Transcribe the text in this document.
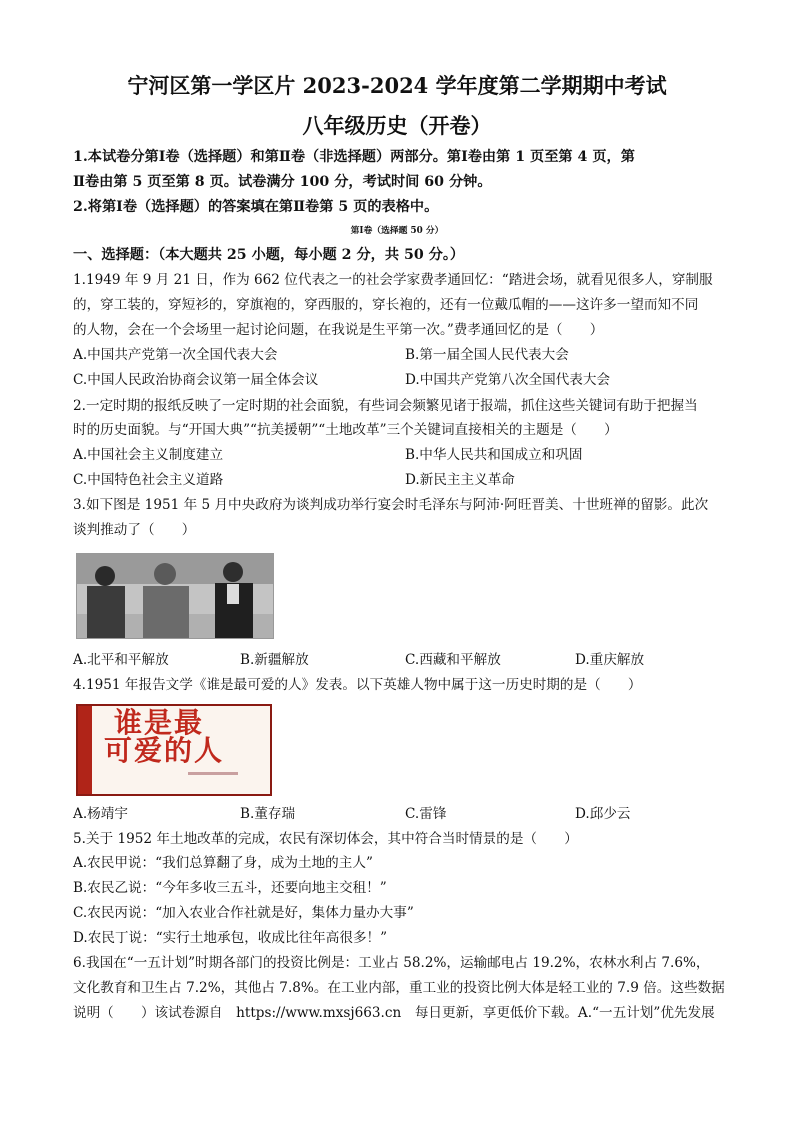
宁河区第一学区片 2023-2024 学年度第二学期期中考试
八年级历史（开卷）
1.本试卷分第Ⅰ卷（选择题）和第Ⅱ卷（非选择题）两部分。第Ⅰ卷由第 1 页至第 4 页，第
Ⅱ卷由第 5 页至第 8 页。试卷满分 100 分，考试时间 60 分钟。
2.将第Ⅰ卷（选择题）的答案填在第Ⅱ卷第 5 页的表格中。
第Ⅰ卷（选择题 50 分）
一、选择题：（本大题共 25 小题，每小题 2 分，共 50 分。）
1.1949 年 9 月 21 日，作为 662 位代表之一的社会学家费孝通回忆：“踏进会场，就看见很多人，穿制服
的，穿工装的，穿短衫的，穿旗袍的，穿西服的，穿长袍的，还有一位戴瓜帽的——这许多一望而知不同
的人物，会在一个会场里一起讨论问题，在我说是生平第一次。”费孝通回忆的是（　　）
A.中国共产党第一次全国代表大会	B.第一届全国人民代表大会
C.中国人民政治协商会议第一届全体会议	D.中国共产党第八次全国代表大会
2.一定时期的报纸反映了一定时期的社会面貌，有些词会频繁见诸于报端，抓住这些关键词有助于把握当
时的历史面貌。与“开国大典”“抗美援朝”“土地改革”三个关键词直接相关的主题是（　　）
A.中国社会主义制度建立	B.中华人民共和国成立和巩固
C.中国特色社会主义道路	D.新民主主义革命
3.如下图是 1951 年 5 月中央政府为谈判成功举行宴会时毛泽东与阿沛·阿旺晋美、十世班禅的留影。此次
谈判推动了（　　）
A.北平和平解放	B.新疆解放	C.西藏和平解放	D.重庆解放
4.1951 年报告文学《谁是最可爱的人》发表。以下英雄人物中属于这一历史时期的是（　　）
谁是最
可爱的人
A.杨靖宇	B.董存瑞	C.雷锋	D.邱少云
5.关于 1952 年土地改革的完成，农民有深切体会，其中符合当时情景的是（　　）
A.农民甲说：“我们总算翻了身，成为土地的主人”
B.农民乙说：“今年多收三五斗，还要向地主交租！”
C.农民丙说：“加入农业合作社就是好，集体力量办大事”
D.农民丁说：“实行土地承包，收成比往年高很多！”
6.我国在“一五计划”时期各部门的投资比例是：工业占 58.2%，运输邮电占 19.2%，农林水利占 7.6%，
文化教育和卫生占 7.2%，其他占 7.8%。在工业内部，重工业的投资比例大体是轻工业的 7.9 倍。这些数据
说明（　　）该试卷源自　https://www.mxsj663.cn　每日更新，享更低价下载。A.“一五计划”优先发展
